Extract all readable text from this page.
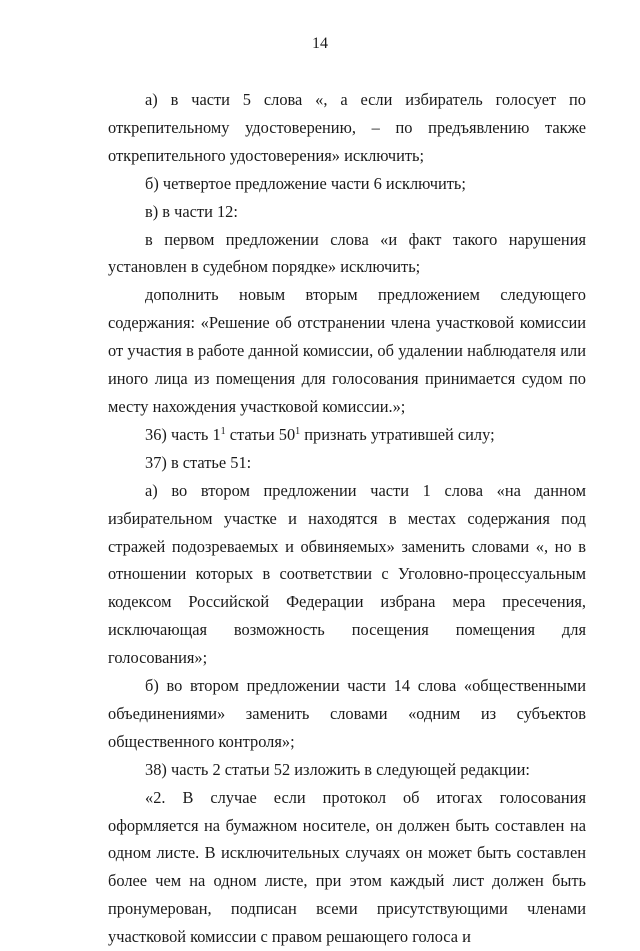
14

а) в части 5 слова «, а если избиратель голосует по открепительному удостоверению, – по предъявлению также открепительного удостоверения» исключить;

б) четвертое предложение части 6 исключить;

в) в части 12:

в первом предложении слова «и факт такого нарушения установлен в судебном порядке» исключить;

дополнить новым вторым предложением следующего содержания: «Решение об отстранении члена участковой комиссии от участия в работе данной комиссии, об удалении наблюдателя или иного лица из помещения для голосования принимается судом по месту нахождения участковой комиссии.»;

36) часть $1^1$ статьи $50^1$ признать утратившей силу;

37) в статье 51:

а) во втором предложении части 1 слова «на данном избирательном участке и находятся в местах содержания под стражей подозреваемых и обвиняемых» заменить словами «, но в отношении которых в соответствии с Уголовно-процессуальным кодексом Российской Федерации избрана мера пресечения, исключающая возможность посещения помещения для голосования»;

б) во втором предложении части 14 слова «общественными объединениями» заменить словами «одним из субъектов общественного контроля»;

38) часть 2 статьи 52 изложить в следующей редакции:

«2. В случае если протокол об итогах голосования оформляется на бумажном носителе, он должен быть составлен на одном листе. В исключительных случаях он может быть составлен более чем на одном листе, при этом каждый лист должен быть пронумерован, подписан всеми присутствующими членами участковой комиссии с правом решающего голоса и
